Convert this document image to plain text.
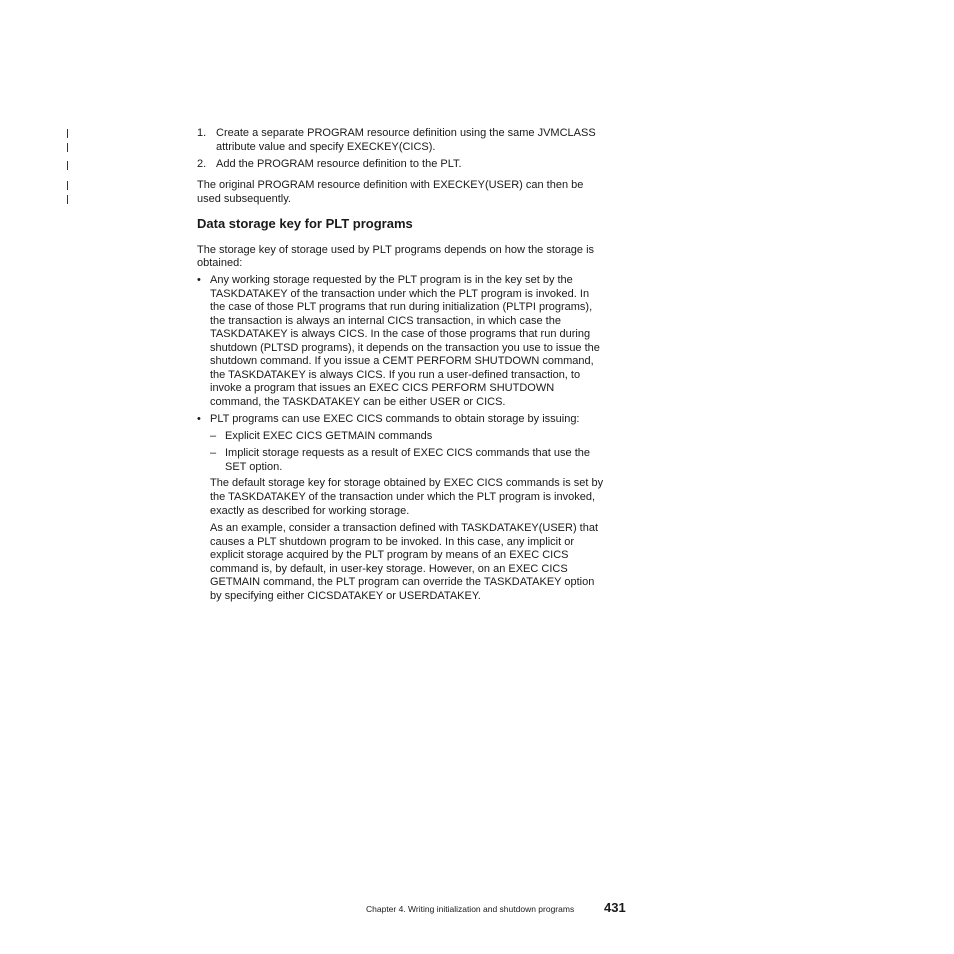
1. Create a separate PROGRAM resource definition using the same JVMCLASS
attribute value and specify EXECKEY(CICS).
2. Add the PROGRAM resource definition to the PLT.
The original PROGRAM resource definition with EXECKEY(USER) can then be
used subsequently.
Data storage key for PLT programs
The storage key of storage used by PLT programs depends on how the storage is
obtained:
• Any working storage requested by the PLT program is in the key set by the
TASKDATAKEY of the transaction under which the PLT program is invoked. In
the case of those PLT programs that run during initialization (PLTPI programs),
the transaction is always an internal CICS transaction, in which case the
TASKDATAKEY is always CICS. In the case of those programs that run during
shutdown (PLTSD programs), it depends on the transaction you use to issue the
shutdown command. If you issue a CEMT PERFORM SHUTDOWN command,
the TASKDATAKEY is always CICS. If you run a user-defined transaction, to
invoke a program that issues an EXEC CICS PERFORM SHUTDOWN
command, the TASKDATAKEY can be either USER or CICS.
• PLT programs can use EXEC CICS commands to obtain storage by issuing:
– Explicit EXEC CICS GETMAIN commands
– Implicit storage requests as a result of EXEC CICS commands that use the
SET option.
The default storage key for storage obtained by EXEC CICS commands is set by
the TASKDATAKEY of the transaction under which the PLT program is invoked,
exactly as described for working storage.
As an example, consider a transaction defined with TASKDATAKEY(USER) that
causes a PLT shutdown program to be invoked. In this case, any implicit or
explicit storage acquired by the PLT program by means of an EXEC CICS
command is, by default, in user-key storage. However, on an EXEC CICS
GETMAIN command, the PLT program can override the TASKDATAKEY option
by specifying either CICSDATAKEY or USERDATAKEY.
Chapter 4. Writing initialization and shutdown programs 431
